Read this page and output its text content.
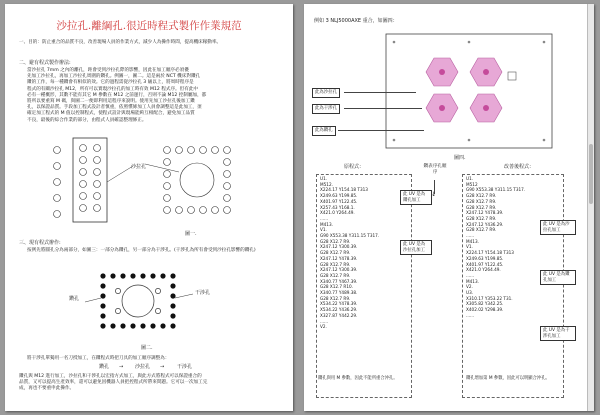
沙拉孔.離綱孔.很近時程式製作作業規范
一、目的：防止重合的品質不良，改善現場人員的作業方式，減少人為操作時間，提高機床稼動率。
二、避有程式製作辦法:
當沙拉孔 7mm 之內的離孔，距會受到沙拉孔際的影響，因此在加工順序必須優
先加工沙拉孔，再加工沙拉孔周圍的鑽孔。例圖一，圖二。這是兩於 NCT 機床對鑽孔
鑽的工作，每一種鑽會有相似的效。它的過程需從沙拉孔 3 級以上，將周時程序是
程式的有關沙拉孔 M12，所有可以實現沙拉孔的加工時有效 M12 程式序。但有此中
必有一種概形，其數不能有其它 M 參數在 M12 之前運行，否則不論 M12 控制屬加，都
將所以要重寫 M 碼，與圖二一便即利用這程序來說明。使用先加工沙拉孔後加工鑽
孔，以保證品質。手段加工程式設計者慎重，依照慣條加工人員會調整這是此加工，須
確定加工程式的 M 值以控制程式，使程式設計與現場能夠互相配合，避免加工品質
不良，最後的綜合作業的部分，由程式人員確認整理修正。
沙拉孔
圖一.
三、現有程式辦作:
按例先將圓孔分為兩部分，如圖三：一部分為鑽孔，另一部分為干涉孔。(干涉孔為所有會受到沙拉孔影響的鑽孔)
鑽孔
干涉孔
圖二.
將干涉孔單獨用一名刀授加工，在鑽程式時把刀具的加工順序調整為：
鑽孔 → 沙拉孔 →	干涉孔
鑽孔與 M12 進行加工，沙拉孔和干涉孔以宏指方式加工，與此方式將程式可以保證重合的
品質，又可以提高生產效率，還可以避免因機器人員把控程式所帶來問題。它可以一次加工完
成，再也不要重申此操作。
例如 3 NLJ5000AXE 重合，如圖四：
此為沙拉孔
此為干涉孔
此為鑽孔
圖四.
原程式：	鑽表序孔順序
改善後程式：
U1.
M512.
X224.17 Y154.18 T313
X249.63 Y199.85.
X401.97 Y122.45.
X257.43 Y168.1.
X421.0 Y264.49.
......
M413.
V1.
G90 X553.38 Y311.15 T317.
G28 X12.7 R9.
X247.12 Y300.39.
G28 X12.7 R9.
X247.12 Y478.39.
G28 X12.7 R9.
X247.12 Y300.39.
G28 X12.7 R9.
X340.77 Y467.39.
G28 X12.7 R10.
X340.77 Y489.38.
G28 X12.7 R9.
X534.22 Y478.39.
X534.22 Y436.29.
X327.87 Y442.29.
......
V2.
此 UV 是為鑽孔加工
此 UV 是為沙拉孔加工
鑽孔與用 M 參數，因此不能所重合沖孔。
↓
U1.
M512
G90 X553.38 Y311.15 T317.
G28 X12.7 R9.
G28 X12.7 R9.
G28 X12.7 R9.
X247.12 Y478.39.
G28 X12.7 R9.
X247.12 Y436.29.
G28 X12.7 R9.
......
M413.
V1.
X224.17 Y154.18 T313
X249.63 Y199.85.
X401.97 Y122.45.
X421.0 Y264.49.
......
M413.
V2.
U3.
X310.17 Y353.22 T31.
X305.82 Y342.25.
X402.02 Y298.39.
......
此 UV 是為沙拉孔加工
此 UV 是為鑽孔加工
此 UV 是為干涉孔加工
鑽孔增加第 M 參數，因此可以明顯合沖孔。
